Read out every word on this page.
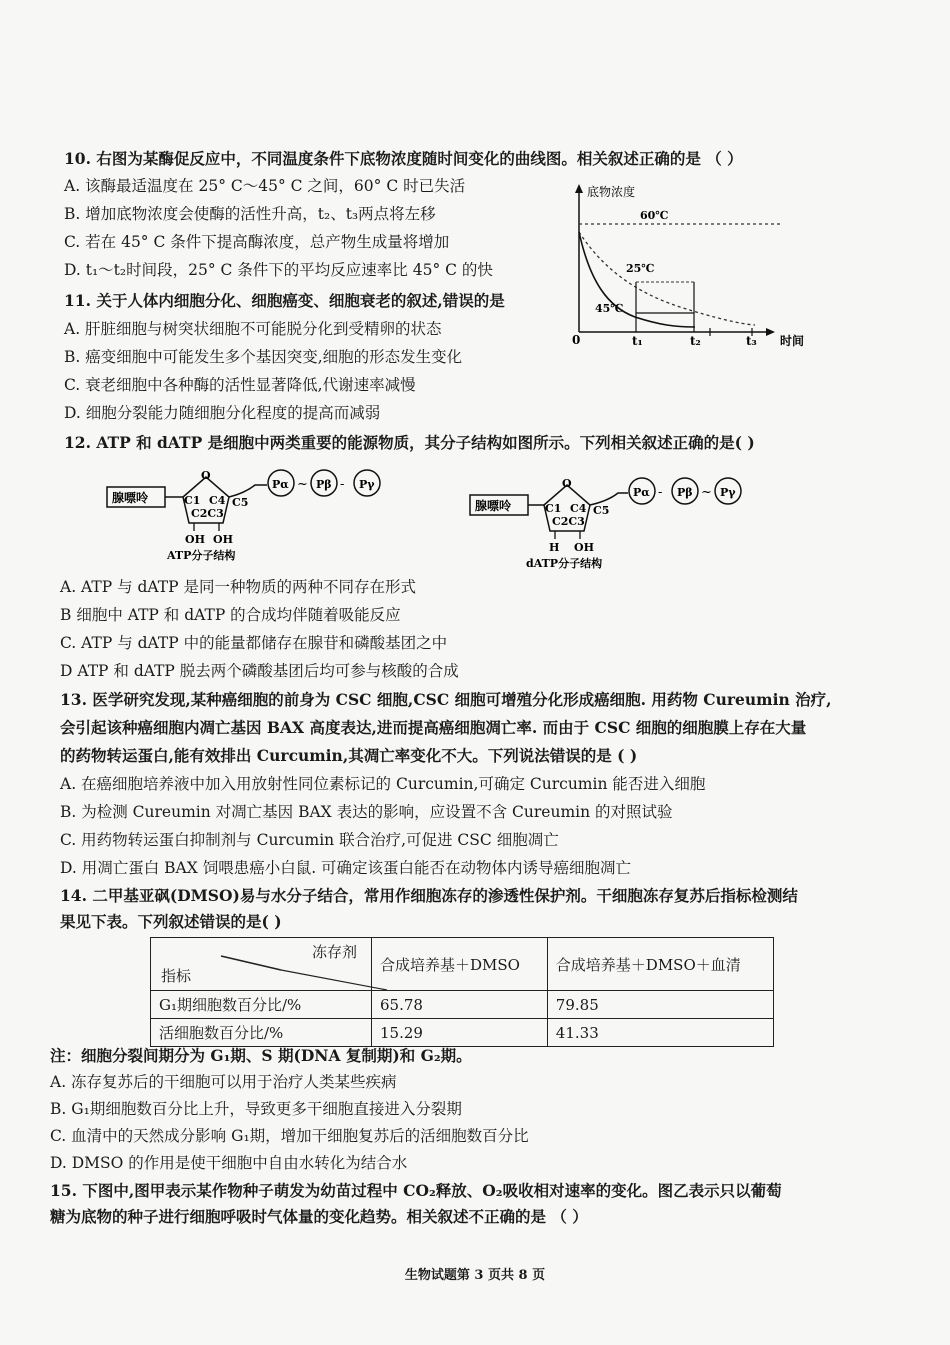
10. 右图为某酶促反应中，不同温度条件下底物浓度随时间变化的曲线图。相关叙述正确的是 （ ）
A. 该酶最适温度在 25° C～45° C 之间，60° C 时已失活
B. 增加底物浓度会使酶的活性升高，t₂、t₃两点将左移
C. 若在 45° C 条件下提高酶浓度，总产物生成量将增加
D. t₁～t₂时间段，25° C 条件下的平均反应速率比 45° C 的快
底物浓度
时间
0
60℃
25℃
45℃
t₁	t₂	t₃
11. 关于人体内细胞分化、细胞癌变、细胞衰老的叙述,错误的是
A. 肝脏细胞与树突状细胞不可能脱分化到受精卵的状态
B. 癌变细胞中可能发生多个基因突变,细胞的形态发生变化
C. 衰老细胞中各种酶的活性显著降低,代谢速率减慢
D. 细胞分裂能力随细胞分化程度的提高而减弱
12. ATP 和 dATP 是细胞中两类重要的能源物质，其分子结构如图所示。下列相关叙述正确的是( )
腺嘌呤
O
C1 C4 C5
C2C3
OH OH
Pα ~ Pβ - Pγ
ATP分子结构
腺嘌呤
O
C1 C4 C5
C2C3
H OH
Pα - Pβ ~ Pγ
dATP分子结构
A. ATP 与 dATP 是同一种物质的两种不同存在形式
B 细胞中 ATP 和 dATP 的合成均伴随着吸能反应
C. ATP 与 dATP 中的能量都储存在腺苷和磷酸基团之中
D ATP 和 dATP 脱去两个磷酸基团后均可参与核酸的合成
13. 医学研究发现,某种癌细胞的前身为 CSC 细胞,CSC 细胞可增殖分化形成癌细胞. 用药物 Cureumin 治疗,
会引起该种癌细胞内凋亡基因 BAX 高度表达,进而提高癌细胞凋亡率. 而由于 CSC 细胞的细胞膜上存在大量
的药物转运蛋白,能有效排出 Curcumin,其凋亡率变化不大。下列说法错误的是 ( )
A. 在癌细胞培养液中加入用放射性同位素标记的 Curcumin,可确定 Curcumin 能否进入细胞
B. 为检测 Cureumin 对凋亡基因 BAX 表达的影响，应设置不含 Cureumin 的对照试验
C. 用药物转运蛋白抑制剂与 Curcumin 联合治疗,可促进 CSC 细胞凋亡
D. 用凋亡蛋白 BAX 饲喂患癌小白鼠. 可确定该蛋白能否在动物体内诱导癌细胞凋亡
14. 二甲基亚砜(DMSO)易与水分子结合，常用作细胞冻存的渗透性保护剂。干细胞冻存复苏后指标检测结
果见下表。下列叙述错误的是( )
冻存剂
指标	合成培养基＋DMSO	合成培养基＋DMSO＋血清
G₁期细胞数百分比/%	65.78	79.85
活细胞数百分比/%	15.29	41.33
注：细胞分裂间期分为 G₁期、S 期(DNA 复制期)和 G₂期。
A. 冻存复苏后的干细胞可以用于治疗人类某些疾病
B. G₁期细胞数百分比上升，导致更多干细胞直接进入分裂期
C. 血清中的天然成分影响 G₁期，增加干细胞复苏后的活细胞数百分比
D. DMSO 的作用是使干细胞中自由水转化为结合水
15. 下图中,图甲表示某作物种子萌发为幼苗过程中 CO₂释放、O₂吸收相对速率的变化。图乙表示只以葡萄
糖为底物的种子进行细胞呼吸时气体量的变化趋势。相关叙述不正确的是 （ ）
生物试题第 3 页共 8 页
